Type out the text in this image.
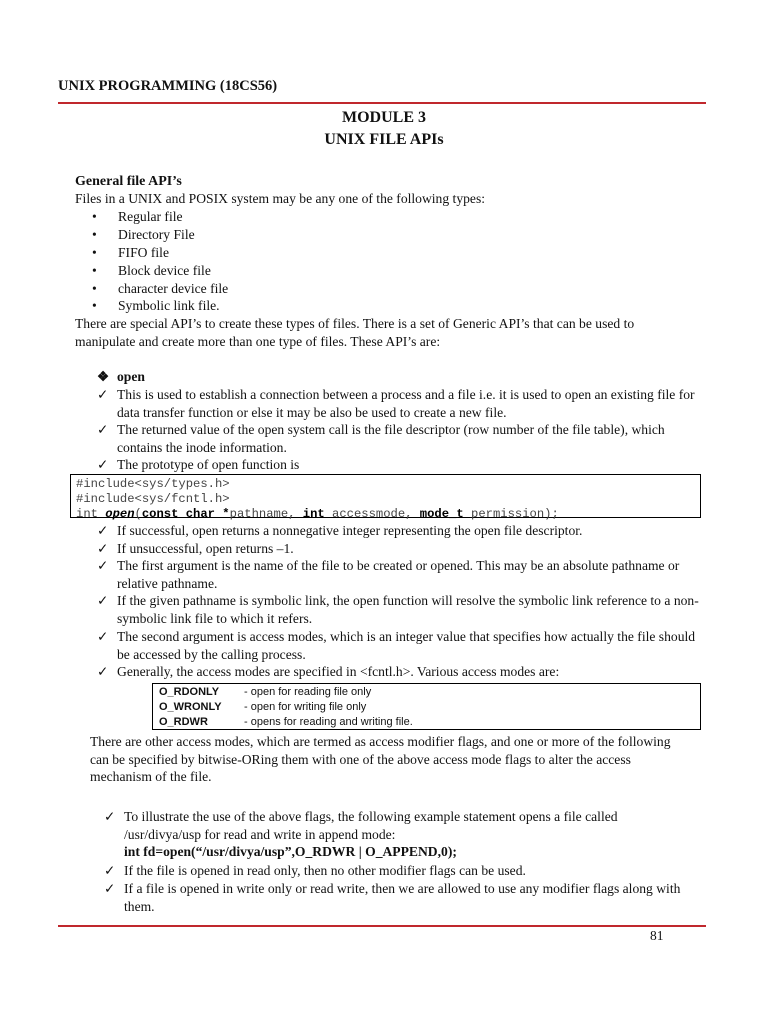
UNIX PROGRAMMING (18CS56)
MODULE 3
UNIX FILE APIs
General file API’s
Files in a UNIX and POSIX system may be any one of the following types:
• Regular file
• Directory File
• FIFO file
• Block device file
• character device file
• Symbolic link file.
There are special API’s to create these types of files. There is a set of Generic API’s that can be used to
manipulate and create more than one type of files. These API’s are:
❖ open
✓ This is used to establish a connection between a process and a file i.e. it is used to open an existing file for data transfer function or else it may be also be used to create a new file.
✓ The returned value of the open system call is the file descriptor (row number of the file table), which contains the inode information.
✓ The prototype of open function is
#include<sys/types.h>
#include<sys/fcntl.h>
int open(const char *pathname, int accessmode, mode_t permission);
✓ If successful, open returns a nonnegative integer representing the open file descriptor.
✓ If unsuccessful, open returns –1.
✓ The first argument is the name of the file to be created or opened. This may be an absolute pathname or relative pathname.
✓ If the given pathname is symbolic link, the open function will resolve the symbolic link reference to a non-symbolic link file to which it refers.
✓ The second argument is access modes, which is an integer value that specifies how actually the file should be accessed by the calling process.
✓ Generally, the access modes are specified in <fcntl.h>. Various access modes are:
O_RDONLY	- open for reading file only
O_WRONLY	- open for writing file only
O_RDWR	- opens for reading and writing file.
There are other access modes, which are termed as access modifier flags, and one or more of the following
can be specified by bitwise-ORing them with one of the above access mode flags to alter the access
mechanism of the file.
✓ To illustrate the use of the above flags, the following example statement opens a file called
/usr/divya/usp for read and write in append mode:
int fd=open(“/usr/divya/usp”,O_RDWR | O_APPEND,0);
✓ If the file is opened in read only, then no other modifier flags can be used.
✓ If a file is opened in write only or read write, then we are allowed to use any modifier flags along with them.
81
